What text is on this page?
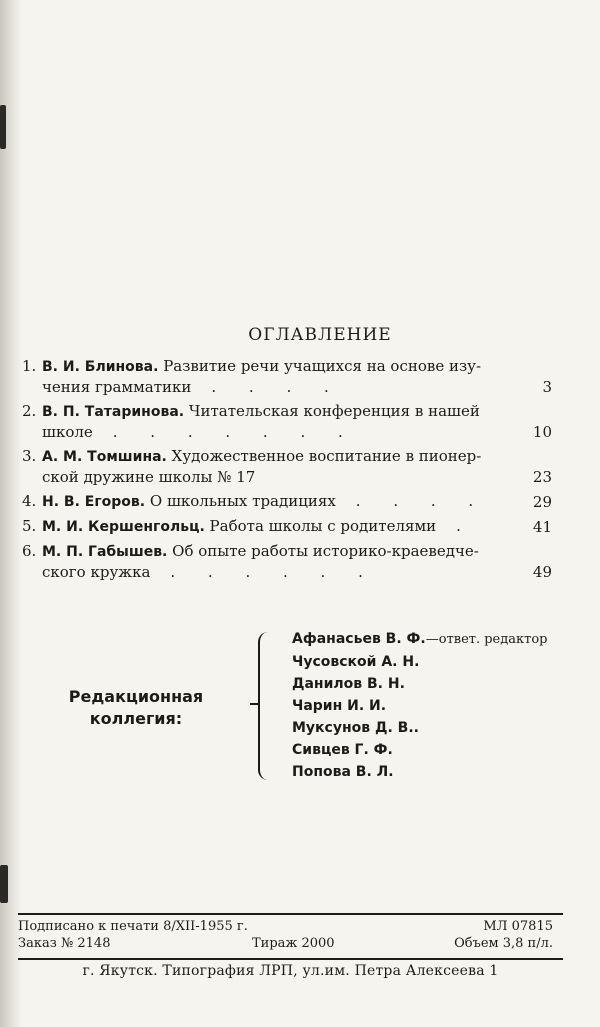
ОГЛАВЛЕНИЕ
1. В. И. Блинова. Развитие речи учащихся на основе изу-
чения грамматики . . . .	3
2. В. П. Татаринова. Читательская конференция в нашей
школе . . . . . . .	10
3. А. М. Томшина. Художественное воспитание в пионер-
ской дружине школы № 17	23
4. Н. В. Егоров. О школьных традициях . . . .	29
5. М. И. Кершенгольц. Работа школы с родителями .	41
6. М. П. Габышев. Об опыте работы историко-краеведче-
ского кружка . . . . . .	49
Редакционная
коллегия:
Афанасьев В. Ф.—ответ. редактор
Чусовской А. Н.
Данилов В. Н.
Чарин И. И.
Муксунов Д. В..
Сивцев Г. Ф.
Попова В. Л.
Подписано к печати 8/XII-1955 г.	МЛ 07815
Заказ № 2148	Тираж 2000	Объем 3,8 п/л.
г. Якутск. Типография ЛРП, ул.им. Петра Алексеева 1
